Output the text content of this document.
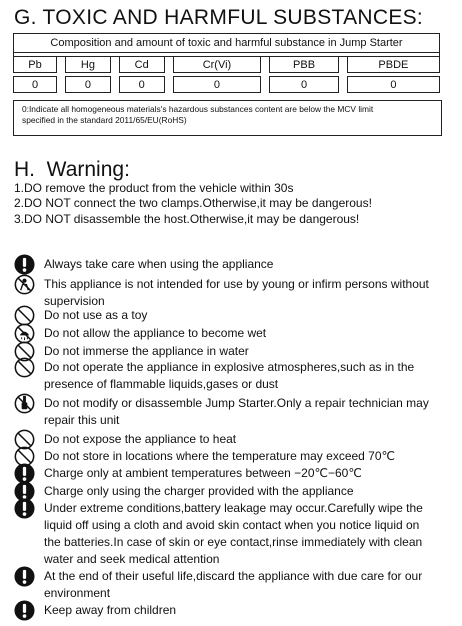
G. TOXIC AND HARMFUL SUBSTANCES:
Composition and amount of toxic and harmful substance in Jump Starter										

Pb		Hg		Cd		Cr(Vi)		PBB		PBDE

0		0		0		0		0		0
0:Indicate all homogeneous materials's hazardous substances content are below the MCV limit
specified in the standard 2011/65/EU(RoHS)
H.  Warning:
1.DO remove the product from the vehicle within 30s
2.DO NOT connect the two clamps.Otherwise,it may be dangerous!
3.DO NOT disassemble the host.Otherwise,it may be dangerous!
Always take care when using the appliance
This appliance is not intended for use by young or infirm persons without
supervision
Do not use as a toy
Do not allow the appliance to become wet
Do not immerse the appliance in water
Do not operate the appliance in explosive atmospheres,such as in the
presence of flammable liquids,gases or dust
Do not modify or disassemble Jump Starter.Only a repair technician may
repair this unit
Do not expose the appliance to heat
Do not store in locations where the temperature may exceed 70℃
Charge only at ambient temperatures between −20℃−60℃
Charge only using the charger provided with the appliance
Under extreme conditions,battery leakage may occur.Carefully wipe the
liquid off using a cloth and avoid skin contact when you notice liquid on
the batteries.In case of skin or eye contact,rinse immediately with clean
water and seek medical attention
At the end of their useful life,discard the appliance with due care for our
environment
Keep away from children
